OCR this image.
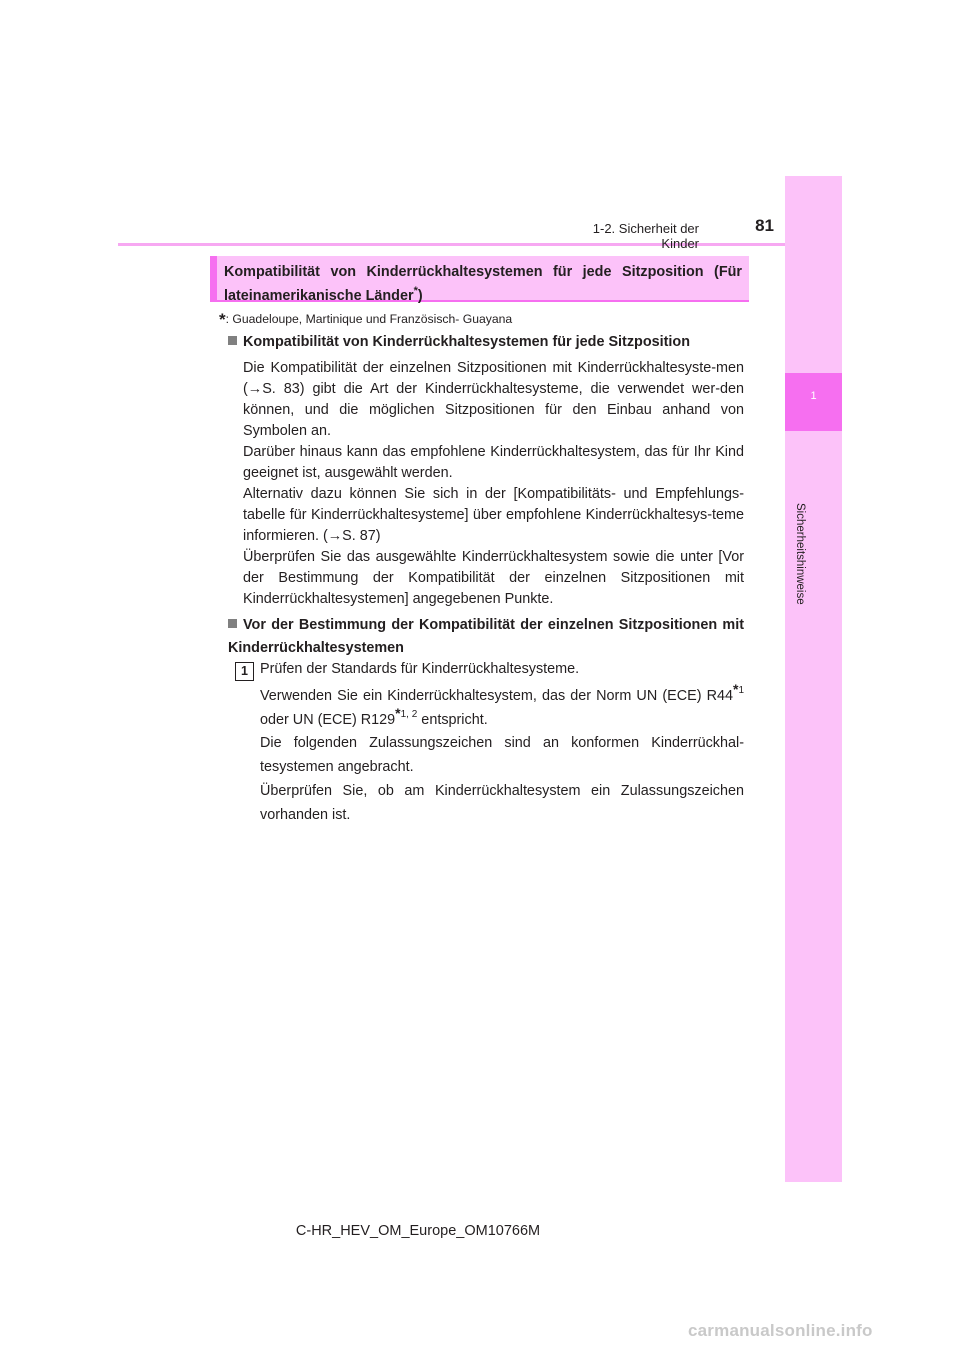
1-2. Sicherheit der Kinder
81
1
Sicherheitshinweise
Kompatibilität von Kinderrückhaltesystemen für jede Sitzposition (Für lateinamerikanische Länder*)
*: Guadeloupe, Martinique und Französisch- Guayana
Kompatibilität von Kinderrückhaltesystemen für jede Sitzposition
Die Kompatibilität der einzelnen Sitzpositionen mit Kinderrückhaltesyste-men (→S. 83) gibt die Art der Kinderrückhaltesysteme, die verwendet wer-den können, und die möglichen Sitzpositionen für den Einbau anhand von Symbolen an.
Darüber hinaus kann das empfohlene Kinderrückhaltesystem, das für Ihr Kind geeignet ist, ausgewählt werden.
Alternativ dazu können Sie sich in der [Kompatibilitäts- und Empfehlungs-tabelle für Kinderrückhaltesysteme] über empfohlene Kinderrückhaltesys-teme informieren. (→S. 87)
Überprüfen Sie das ausgewählte Kinderrückhaltesystem sowie die unter [Vor der Bestimmung der Kompatibilität der einzelnen Sitzpositionen mit Kinderrückhaltesystemen] angegebenen Punkte.
Vor der Bestimmung der Kompatibilität der einzelnen Sitzpositionen mit Kinderrückhaltesystemen
1 Prüfen der Standards für Kinderrückhaltesysteme.
Verwenden Sie ein Kinderrückhaltesystem, das der Norm UN (ECE) R44*$^1$ oder UN (ECE) R129*$^{1, 2}$ entspricht.
Die folgenden Zulassungszeichen sind an konformen Kinderrückhal-tesystemen angebracht.
Überprüfen Sie, ob am Kinderrückhaltesystem ein Zulassungszeichen vorhanden ist.
C-HR_HEV_OM_Europe_OM10766M
carmanualsonline.info
